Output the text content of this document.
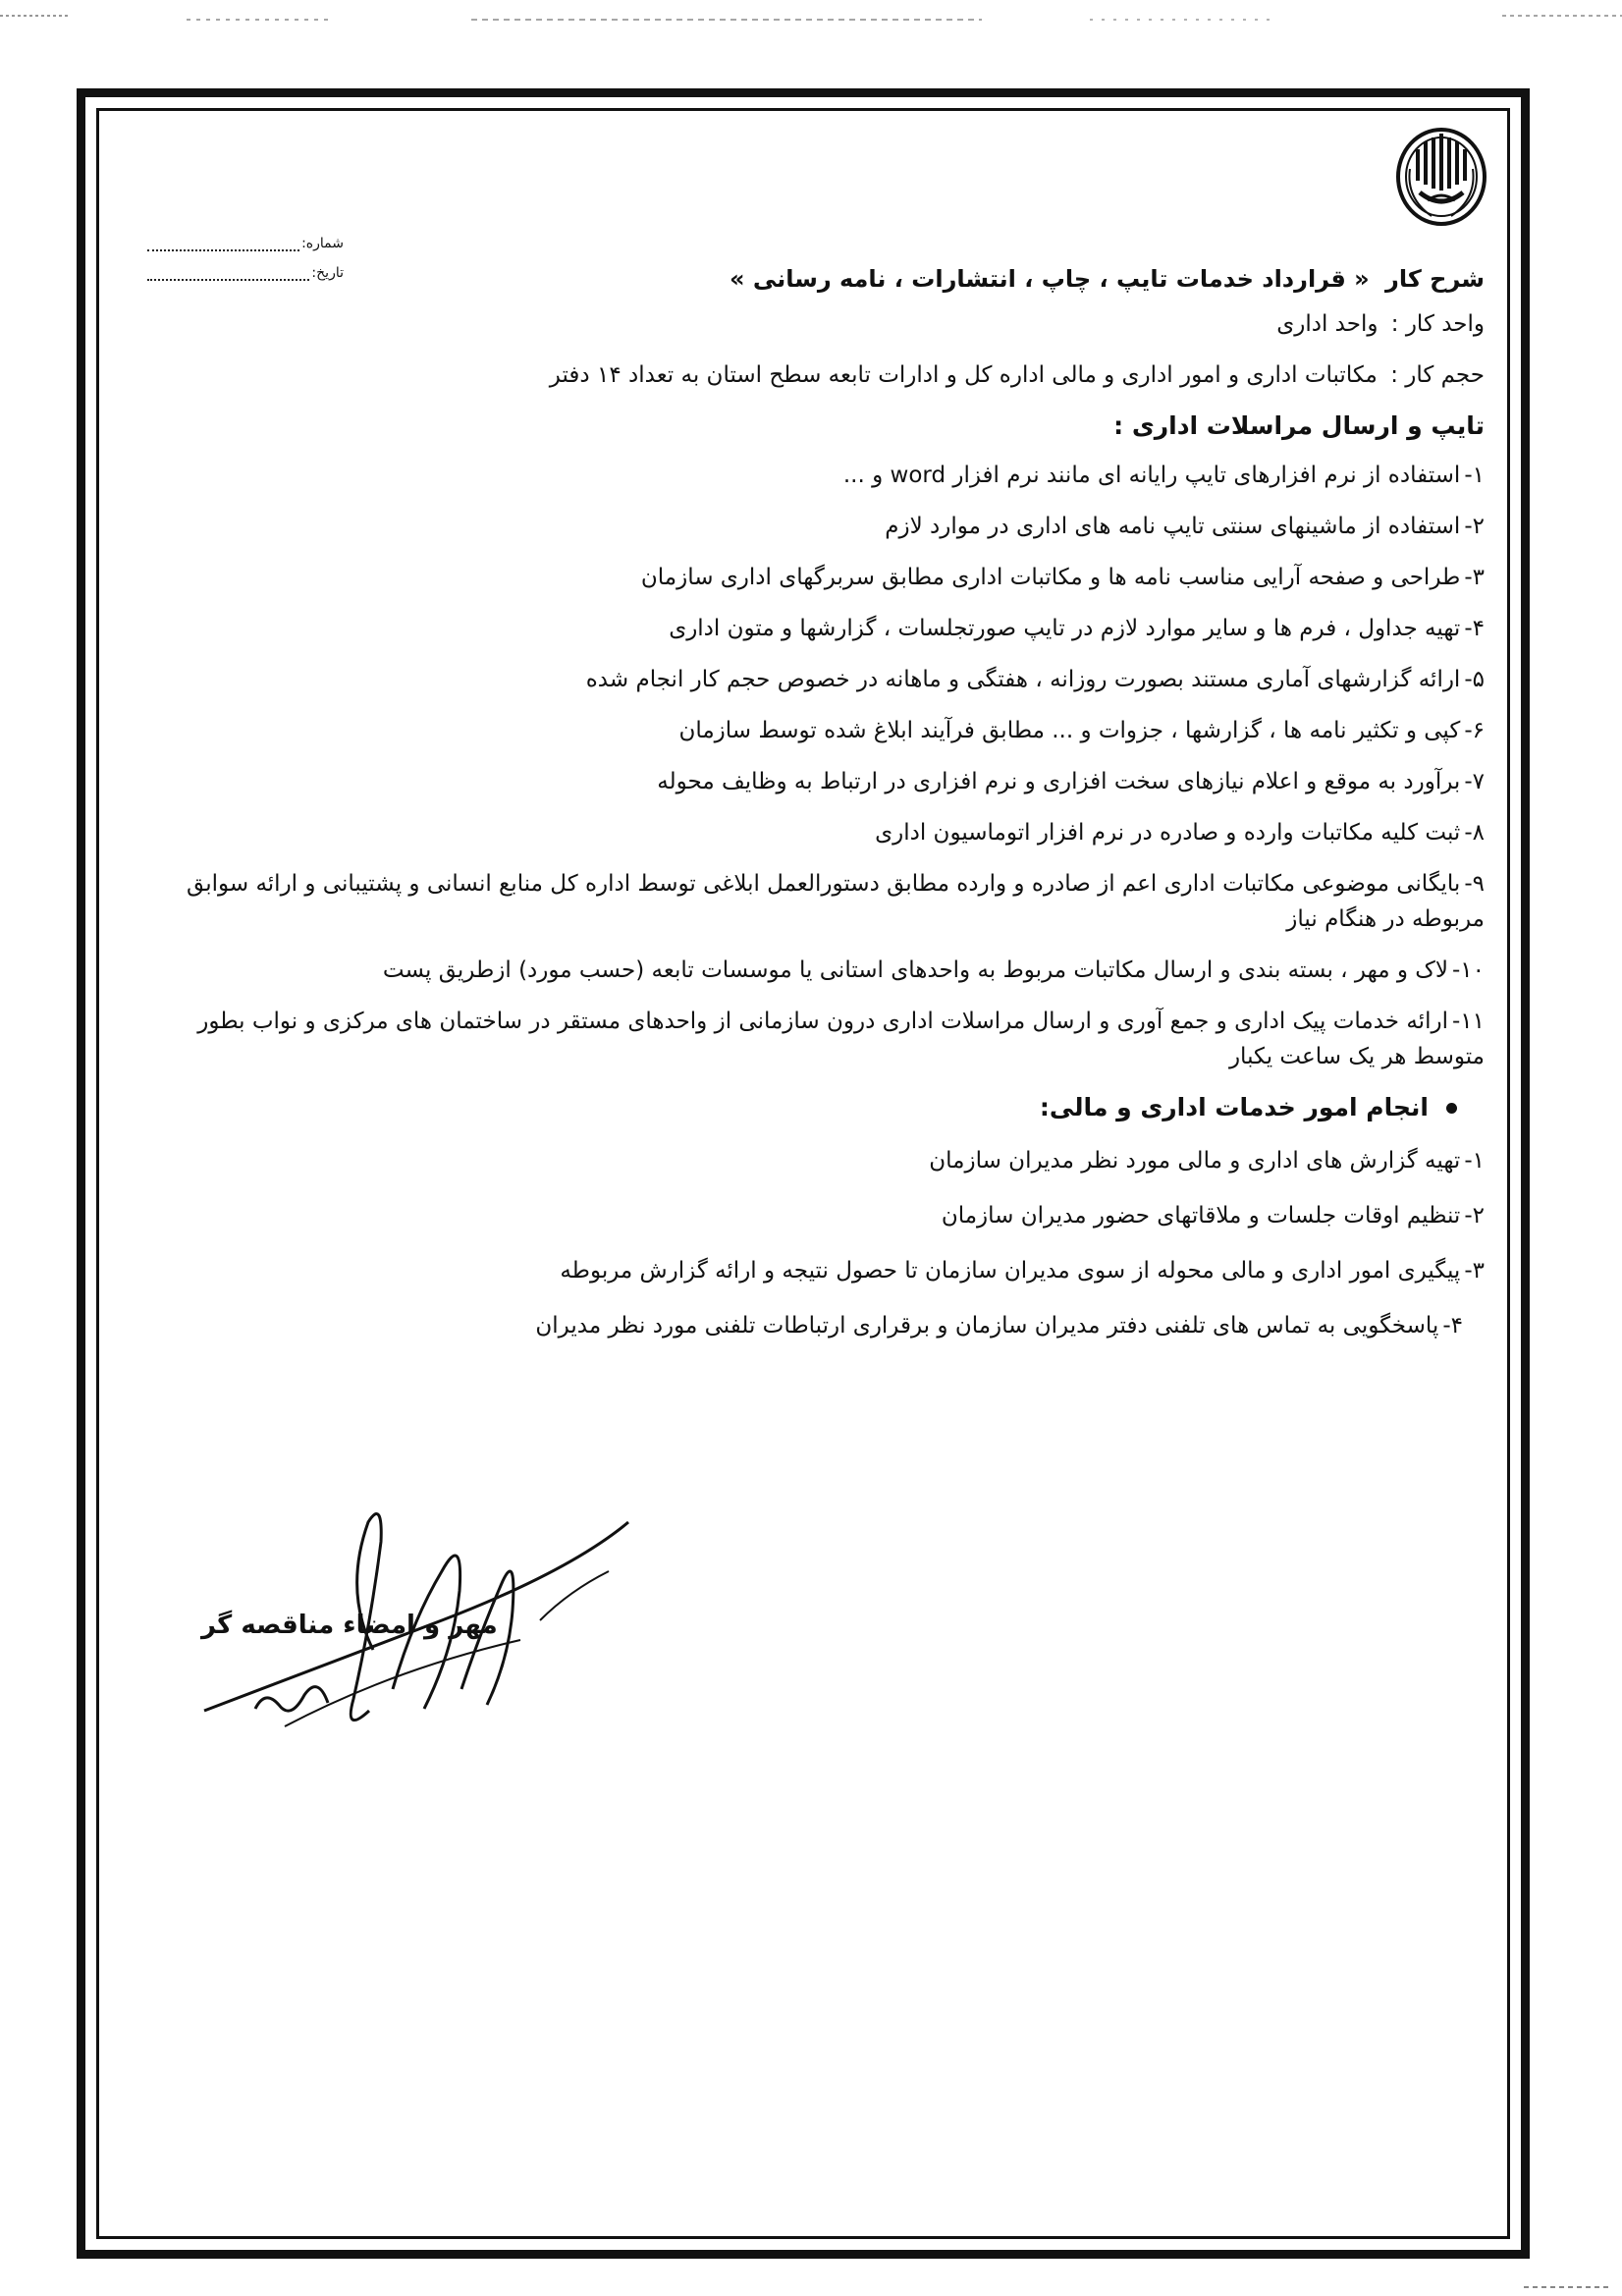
شماره:
تاریخ:	شرح کار « قرارداد خدمات تایپ ، چاپ ، انتشارات ، نامه رسانی »
واحد کار : واحد اداری
حجم کار : مکاتبات اداری و امور اداری و مالی اداره کل و ادارات تابعه سطح استان به تعداد ۱۴ دفتر
تایپ و ارسال مراسلات اداری :
۱-استفاده از نرم افزارهای تایپ رایانه ای مانند نرم افزار word و ...
۲-استفاده از ماشینهای سنتی تایپ نامه های اداری در موارد لازم
۳-طراحی و صفحه آرایی مناسب نامه ها و مکاتبات اداری مطابق سربرگهای اداری سازمان
۴-تهیه جداول ، فرم ها و سایر موارد لازم در تایپ صورتجلسات ، گزارشها و متون اداری
۵-ارائه گزارشهای آماری مستند بصورت روزانه ، هفتگی و ماهانه در خصوص حجم کار انجام شده
۶-کپی و تکثیر نامه ها ، گزارشها ، جزوات و ... مطابق فرآیند ابلاغ شده توسط سازمان
۷-برآورد به موقع و اعلام نیازهای سخت افزاری و نرم افزاری در ارتباط به وظایف محوله
۸-ثبت کلیه مکاتبات وارده و صادره در نرم افزار اتوماسیون اداری
۹-بایگانی موضوعی مکاتبات اداری اعم از صادره و وارده مطابق دستورالعمل ابلاغی توسط اداره کل منابع انسانی و پشتیبانی و ارائه سوابق مربوطه در هنگام نیاز
۱۰-لاک و مهر ، بسته بندی و ارسال مکاتبات مربوط به واحدهای استانی یا موسسات تابعه (حسب مورد) ازطریق پست
۱۱-ارائه خدمات پیک اداری و جمع آوری و ارسال مراسلات اداری درون سازمانی از واحدهای مستقر در ساختمان های مرکزی و نواب بطور متوسط هر یک ساعت یکبار
انجام امور خدمات اداری و مالی:
۱-تهیه گزارش های اداری و مالی مورد نظر مدیران سازمان
۲-تنظیم اوقات جلسات و ملاقاتهای حضور مدیران سازمان
۳-پیگیری امور اداری و مالی محوله از سوی مدیران سازمان تا حصول نتیجه و ارائه گزارش مربوطه
۴-پاسخگویی به تماس های تلفنی دفتر مدیران سازمان و برقراری ارتباطات تلفنی مورد نظر مدیران
مهر و امضاء مناقصه گر
